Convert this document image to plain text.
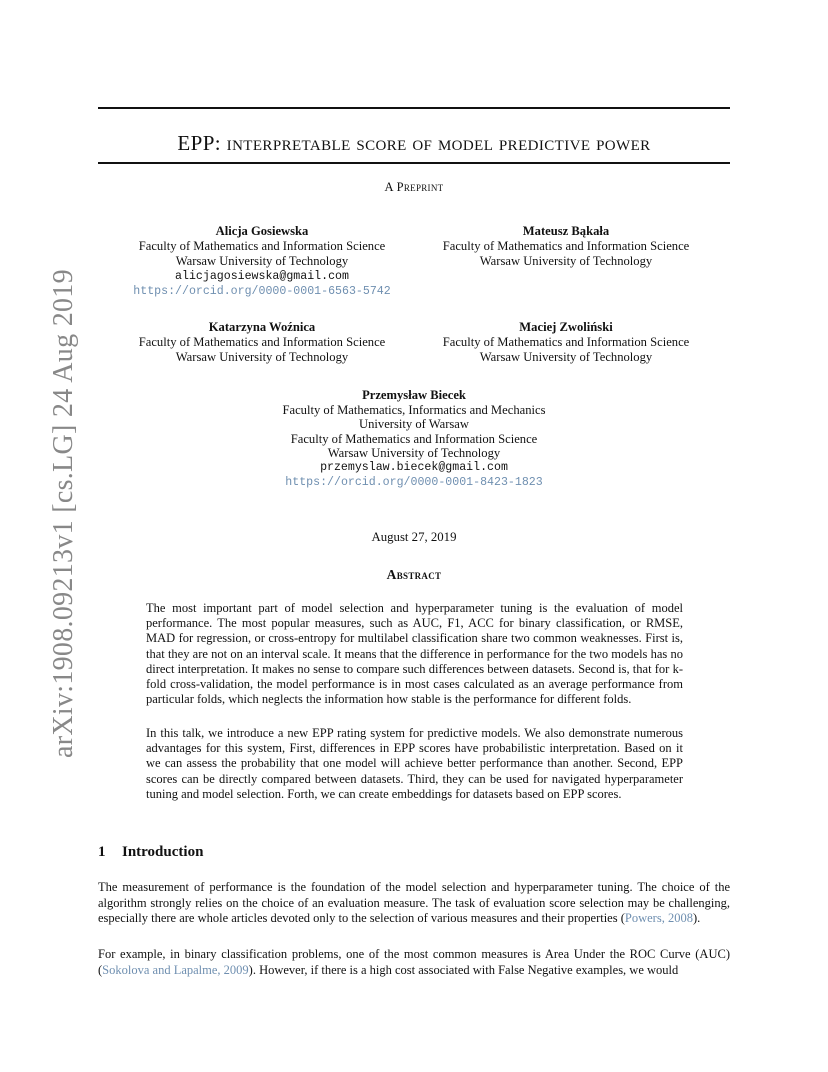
arXiv:1908.09213v1 [cs.LG] 24 Aug 2019
EPP: interpretable score of model predictive power
A Preprint
Alicja Gosiewska
Faculty of Mathematics and Information Science
Warsaw University of Technology
alicjagosiewska@gmail.com
https://orcid.org/0000-0001-6563-5742
Mateusz Bąkała
Faculty of Mathematics and Information Science
Warsaw University of Technology
Katarzyna Woźnica
Faculty of Mathematics and Information Science
Warsaw University of Technology
Maciej Zwoliński
Faculty of Mathematics and Information Science
Warsaw University of Technology
Przemysław Biecek
Faculty of Mathematics, Informatics and Mechanics
University of Warsaw
Faculty of Mathematics and Information Science
Warsaw University of Technology
przemyslaw.biecek@gmail.com
https://orcid.org/0000-0001-8423-1823
August 27, 2019
Abstract

The most important part of model selection and hyperparameter tuning is the evaluation of model performance. The most popular measures, such as AUC, F1, ACC for binary classification, or RMSE, MAD for regression, or cross-entropy for multilabel classification share two common weaknesses. First is, that they are not on an interval scale. It means that the difference in performance for the two models has no direct interpretation. It makes no sense to compare such differences between datasets. Second is, that for k-fold cross-validation, the model performance is in most cases calculated as an average performance from particular folds, which neglects the information how stable is the performance for different folds.

In this talk, we introduce a new EPP rating system for predictive models. We also demonstrate numerous advantages for this system, First, differences in EPP scores have probabilistic interpretation. Based on it we can assess the probability that one model will achieve better performance than another. Second, EPP scores can be directly compared between datasets. Third, they can be used for navigated hyperparameter tuning and model selection. Forth, we can create embeddings for datasets based on EPP scores.

1 Introduction

The measurement of performance is the foundation of the model selection and hyperparameter tuning. The choice of the algorithm strongly relies on the choice of an evaluation measure. The task of evaluation score selection may be challenging, especially there are whole articles devoted only to the selection of various measures and their properties (Powers, 2008).

For example, in binary classification problems, one of the most common measures is Area Under the ROC Curve (AUC) (Sokolova and Lapalme, 2009). However, if there is a high cost associated with False Negative examples, we would
